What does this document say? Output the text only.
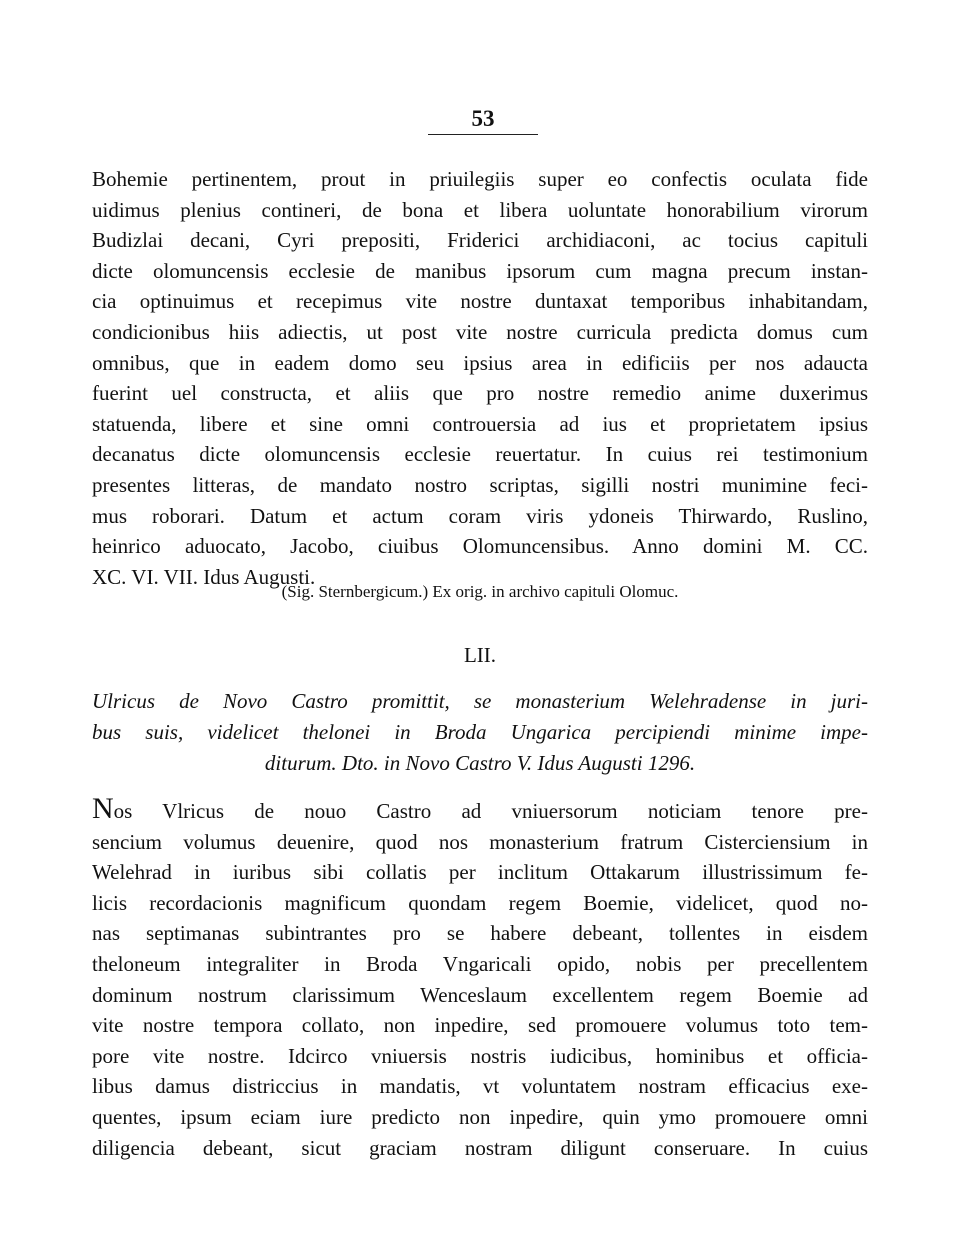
53
Bohemie pertinentem, prout in priuilegiis super eo confectis oculata fide
uidimus plenius contineri, de bona et libera uoluntate honorabilium virorum
Budizlai decani, Cyri prepositi, Friderici archidiaconi, ac tocius capituli
dicte olomuncensis ecclesie de manibus ipsorum cum magna precum instan-
cia optinuimus et recepimus vite nostre duntaxat temporibus inhabitandam,
condicionibus hiis adiectis, ut post vite nostre curricula predicta domus cum
omnibus, que in eadem domo seu ipsius area in edificiis per nos adaucta
fuerint uel constructa, et aliis que pro nostre remedio anime duxerimus
statuenda, libere et sine omni controuersia ad ius et proprietatem ipsius
decanatus dicte olomuncensis ecclesie reuertatur. In cuius rei testimonium
presentes litteras, de mandato nostro scriptas, sigilli nostri munimine feci-
mus roborari. Datum et actum coram viris ydoneis Thirwardo, Ruslino,
heinrico aduocato, Jacobo, ciuibus Olomuncensibus. Anno domini M. CC.
XC. VI. VII. Idus Augusti.
(Sig. Sternbergicum.) Ex orig. in archivo capituli Olomuc.
LII.
Ulricus de Novo Castro promittit, se monasterium Welehradense in juri-
bus suis, videlicet thelonei in Broda Ungarica percipiendi minime impe-
diturum. Dto. in Novo Castro V. Idus Augusti 1296.
Nos Vlricus de nouo Castro ad vniuersorum noticiam tenore pre-
sencium volumus deuenire, quod nos monasterium fratrum Cisterciensium in
Welehrad in iuribus sibi collatis per inclitum Ottakarum illustrissimum fe-
licis recordacionis magnificum quondam regem Boemie, videlicet, quod no-
nas septimanas subintrantes pro se habere debeant, tollentes in eisdem
theloneum integraliter in Broda Vngaricali opido, nobis per precellentem
dominum nostrum clarissimum Wenceslaum excellentem regem Boemie ad
vite nostre tempora collato, non inpedire, sed promouere volumus toto tem-
pore vite nostre. Idcirco vniuersis nostris iudicibus, hominibus et officia-
libus damus districcius in mandatis, vt voluntatem nostram efficacius exe-
quentes, ipsum eciam iure predicto non inpedire, quin ymo promouere omni
diligencia debeant, sicut graciam nostram diligunt conseruare. In cuius
